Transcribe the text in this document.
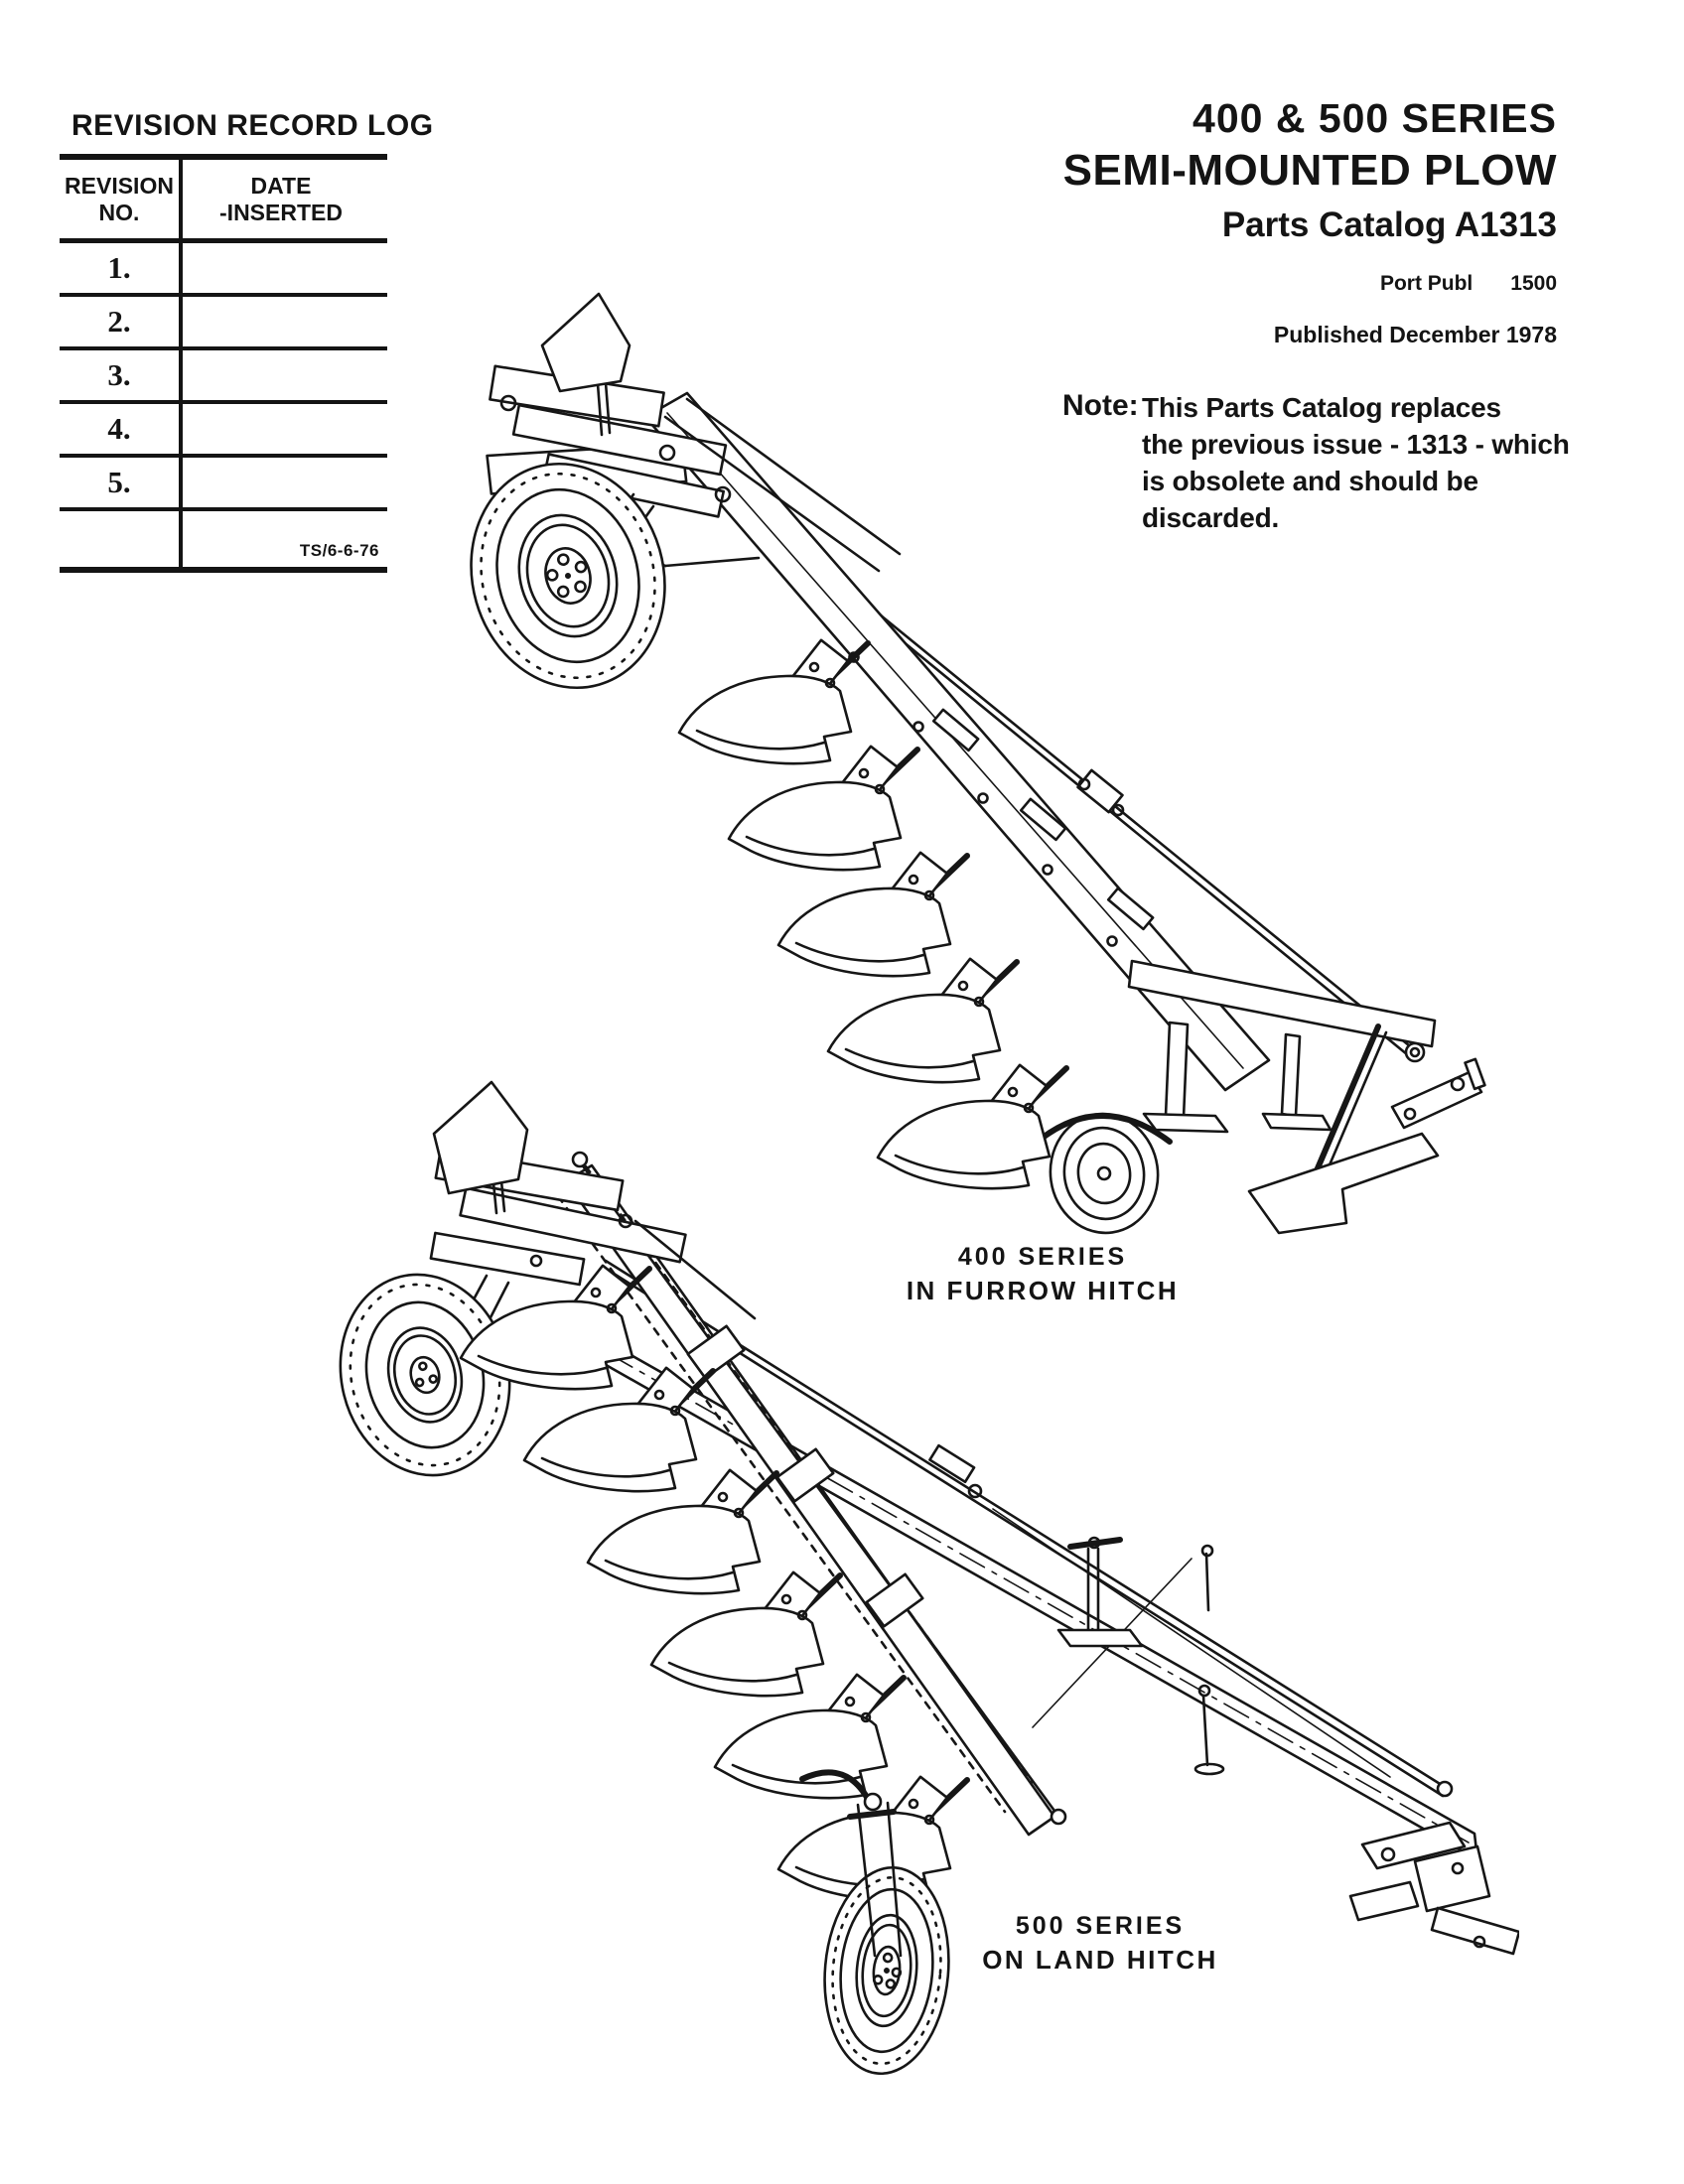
REVISION RECORD LOG
REVISION
NO.
DATE
-INSERTED
1.
2.
3.
4.
5.
TS/6-6-76
400 & 500 SERIES
SEMI-MOUNTED PLOW
Parts Catalog A1313
Port Publ 1500
Published December 1978
Note: This Parts Catalog replaces
the previous issue - 1313 - which
is obsolete and should be
discarded.
400 SERIES
IN FURROW HITCH
500 SERIES
ON LAND HITCH
